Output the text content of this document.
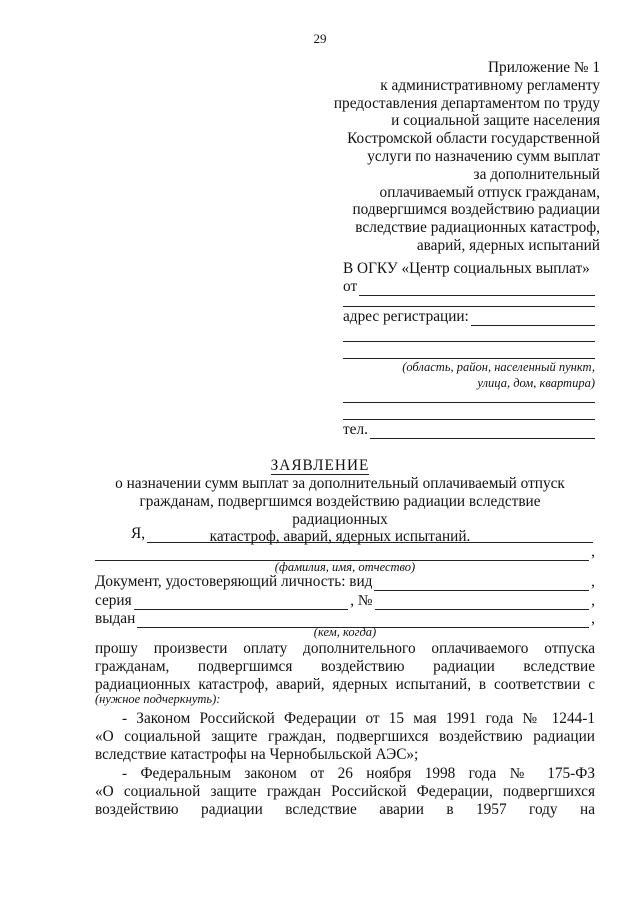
29
Приложение № 1
к административному регламенту
предоставления департаментом по труду
и социальной защите населения
Костромской области государственной
услуги по назначению сумм выплат
за дополнительный
оплачиваемый отпуск гражданам,
подвергшимся воздействию радиации
вследствие радиационных катастроф,
аварий, ядерных испытаний
В ОГКУ «Центр социальных выплат»
от
адрес регистрации:
(область, район, населенный пункт,
улица, дом, квартира)
тел.
ЗАЯВЛЕНИЕ
о назначении сумм выплат за дополнительный оплачиваемый отпуск
гражданам, подвергшимся воздействию радиации вследствие радиационных
катастроф, аварий, ядерных испытаний.
Я,
,
(фамилия, имя, отчество)
Документ, удостоверяющий личность: вид	,
серия	, №	,
выдан	,
(кем, когда)
прошу произвести оплату дополнительного оплачиваемого отпуска
гражданам, подвергшимся воздействию радиации вследствие
радиационных катастроф, аварий, ядерных испытаний, в соответствии с
(нужное подчеркнуть):
- Законом Российской Федерации от 15 мая 1991 года № 1244-1
«О социальной защите граждан, подвергшихся воздействию радиации
вследствие катастрофы на Чернобыльской АЭС»;
- Федеральным законом от 26 ноября 1998 года № 175-ФЗ
«О социальной защите граждан Российской Федерации, подвергшихся
воздействию радиации вследствие аварии в 1957 году на
